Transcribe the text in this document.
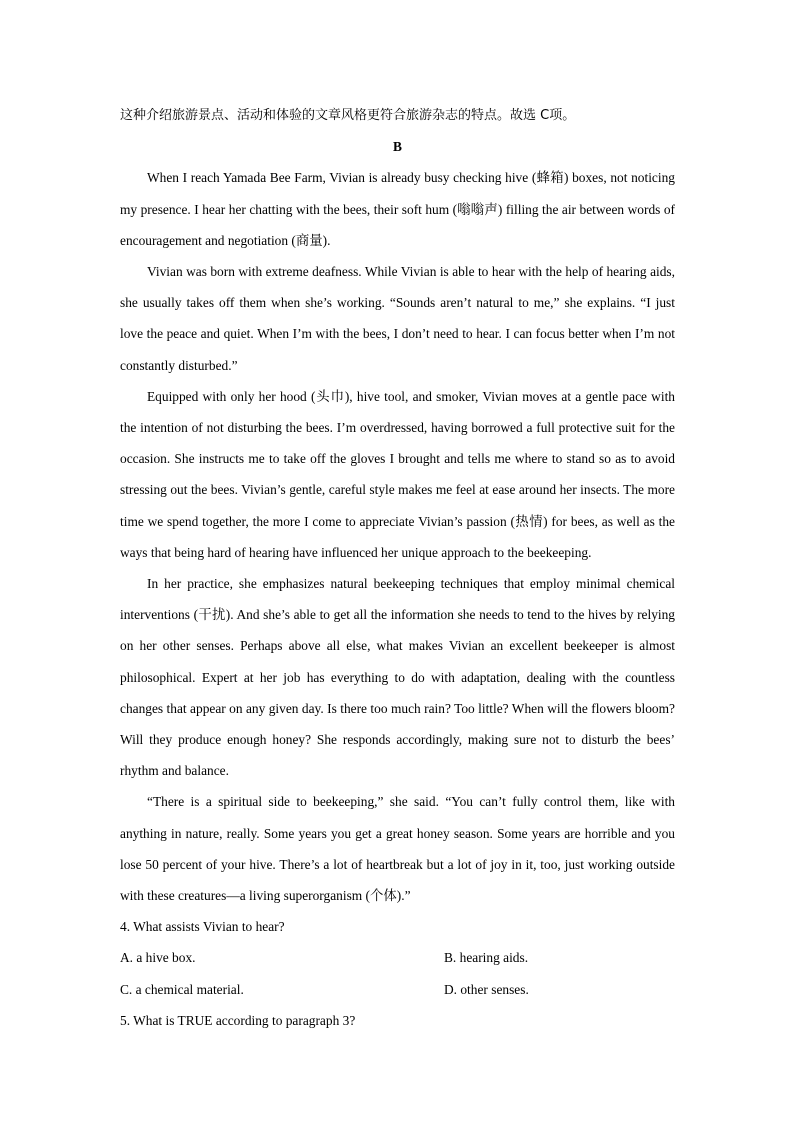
这种介绍旅游景点、活动和体验的文章风格更符合旅游杂志的特点。故选 C项。
B

When I reach Yamada Bee Farm, Vivian is already busy checking hive (蜂箱) boxes, not noticing my presence. I hear her chatting with the bees, their soft hum (嗡嗡声) filling the air between words of encouragement and negotiation (商量).

Vivian was born with extreme deafness. While Vivian is able to hear with the help of hearing aids, she usually takes off them when she’s working. “Sounds aren’t natural to me,” she explains. “I just love the peace and quiet. When I’m with the bees, I don’t need to hear. I can focus better when I’m not constantly disturbed.”

Equipped with only her hood (头巾), hive tool, and smoker, Vivian moves at a gentle pace with the intention of not disturbing the bees. I’m overdressed, having borrowed a full protective suit for the occasion. She instructs me to take off the gloves I brought and tells me where to stand so as to avoid stressing out the bees. Vivian’s gentle, careful style makes me feel at ease around her insects. The more time we spend together, the more I come to appreciate Vivian’s passion (热情) for bees, as well as the ways that being hard of hearing have influenced her unique approach to the beekeeping.

In her practice, she emphasizes natural beekeeping techniques that employ minimal chemical interventions (干扰). And she’s able to get all the information she needs to tend to the hives by relying on her other senses. Perhaps above all else, what makes Vivian an excellent beekeeper is almost philosophical. Expert at her job has everything to do with adaptation, dealing with the countless changes that appear on any given day. Is there too much rain? Too little? When will the flowers bloom? Will they produce enough honey? She responds accordingly, making sure not to disturb the bees’ rhythm and balance.

“There is a spiritual side to beekeeping,” she said. “You can’t fully control them, like with anything in nature, really. Some years you get a great honey season. Some years are horrible and you lose 50 percent of your hive. There’s a lot of heartbreak but a lot of joy in it, too, just working outside with these creatures—a living superorganism (个体).”

4. What assists Vivian to hear?

A. a hive box.	B. hearing aids.
C. a chemical material.	D. other senses.

5. What is TRUE according to paragraph 3?
